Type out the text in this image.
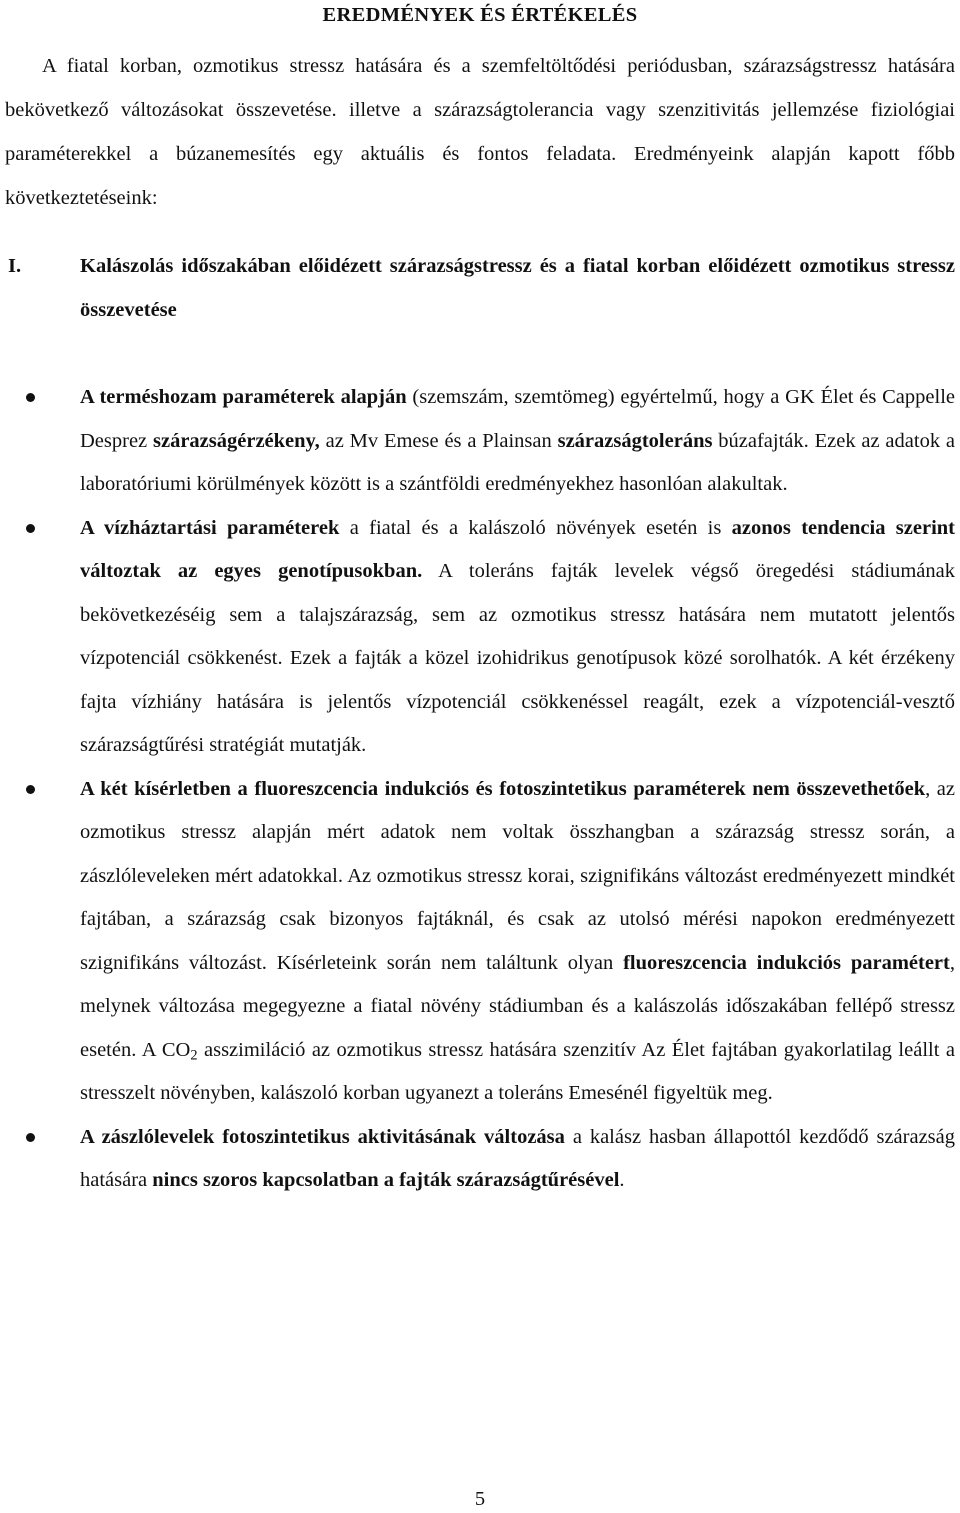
EREDMÉNYEK ÉS ÉRTÉKELÉS

A fiatal korban, ozmotikus stressz hatására és a szemfeltöltődési periódusban, szárazságstressz hatására bekövetkező változásokat összevetése. illetve a szárazságtolerancia vagy szenzitivitás jellemzése fiziológiai paraméterekkel a búzanemesítés egy aktuális és fontos feladata. Eredményeink alapján kapott főbb következtetéseink:

I.	Kalászolás időszakában előidézett szárazságstressz és a fiatal korban előidézett ozmotikus stressz összevetése
A terméshozam paraméterek alapján (szemszám, szemtömeg) egyértelmű, hogy a GK Élet és Cappelle Desprez szárazságérzékeny, az Mv Emese és a Plainsan szárazságtoleráns búzafajták. Ezek az adatok a laboratóriumi körülmények között is a szántföldi eredményekhez hasonlóan alakultak.
A vízháztartási paraméterek a fiatal és a kalászoló növények esetén is azonos tendencia szerint változtak az egyes genotípusokban. A toleráns fajták levelek végső öregedési stádiumának bekövetkezéséig sem a talajszárazság, sem az ozmotikus stressz hatására nem mutatott jelentős vízpotenciál csökkenést. Ezek a fajták a közel izohidrikus genotípusok közé sorolhatók. A két érzékeny fajta vízhiány hatására is jelentős vízpotenciál csökkenéssel reagált, ezek a vízpotenciál-vesztő szárazságtűrési stratégiát mutatják.
A két kísérletben a fluoreszcencia indukciós és fotoszintetikus paraméterek nem összevethetőek, az ozmotikus stressz alapján mért adatok nem voltak összhangban a szárazság stressz során, a zászlóleveleken mért adatokkal. Az ozmotikus stressz korai, szignifikáns változást eredményezett mindkét fajtában, a szárazság csak bizonyos fajtáknál, és csak az utolsó mérési napokon eredményezett szignifikáns változást. Kísérleteink során nem találtunk olyan fluoreszcencia indukciós paramétert, melynek változása megegyezne a fiatal növény stádiumban és a kalászolás időszakában fellépő stressz esetén. A $CO_2$ asszimiláció az ozmotikus stressz hatására szenzitív Az Élet fajtában gyakorlatilag leállt a stresszelt növényben, kalászoló korban ugyanezt a toleráns Emesénél figyeltük meg.
A zászlólevelek fotoszintetikus aktivitásának változása a kalász hasban állapottól kezdődő szárazság hatására nincs szoros kapcsolatban a fajták szárazságtűrésével.
5
